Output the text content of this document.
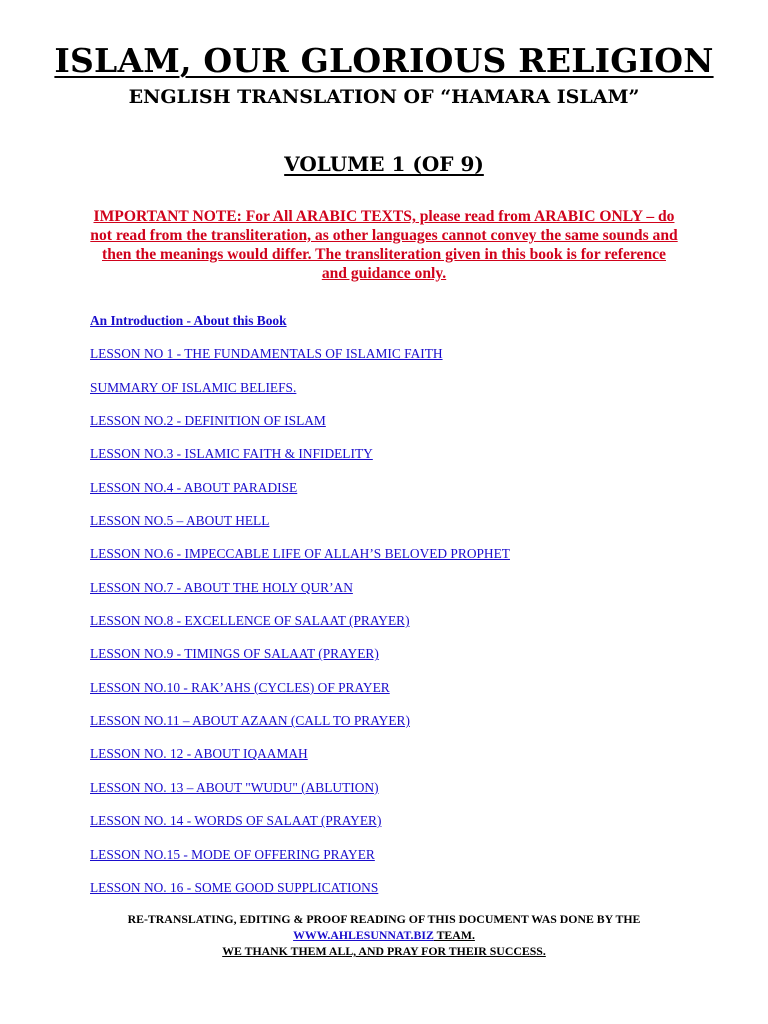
ISLAM, OUR GLORIOUS RELIGION
ENGLISH TRANSLATION OF “HAMARA ISLAM”
VOLUME 1 (OF 9)
IMPORTANT NOTE: For All ARABIC TEXTS, please read from ARABIC ONLY – do not read from the transliteration, as other languages cannot convey the same sounds and then the meanings would differ. The transliteration given in this book is for reference and guidance only.
An Introduction - About this Book
LESSON NO 1 - THE FUNDAMENTALS OF ISLAMIC FAITH
SUMMARY OF ISLAMIC BELIEFS.
LESSON NO.2 - DEFINITION OF ISLAM
LESSON NO.3 - ISLAMIC FAITH & INFIDELITY
LESSON NO.4 - ABOUT PARADISE
LESSON NO.5 – ABOUT HELL
LESSON NO.6 - IMPECCABLE LIFE OF ALLAH’S BELOVED PROPHET
LESSON NO.7 - ABOUT THE HOLY QUR’AN
LESSON NO.8 - EXCELLENCE OF SALAAT (PRAYER)
LESSON NO.9 - TIMINGS OF SALAAT (PRAYER)
LESSON NO.10 - RAK’AHS (CYCLES) OF PRAYER
LESSON NO.11 – ABOUT AZAAN (CALL TO PRAYER)
LESSON NO. 12 - ABOUT IQAAMAH
LESSON NO. 13 – ABOUT "WUDU" (ABLUTION)
LESSON NO. 14 - WORDS OF SALAAT (PRAYER)
LESSON NO.15 - MODE OF OFFERING PRAYER
LESSON NO. 16 - SOME GOOD SUPPLICATIONS
RE-TRANSLATING, EDITING & PROOF READING OF THIS DOCUMENT WAS DONE BY THE
WWW.AHLESUNNAT.BIZ TEAM.
WE THANK THEM ALL, AND PRAY FOR THEIR SUCCESS.
